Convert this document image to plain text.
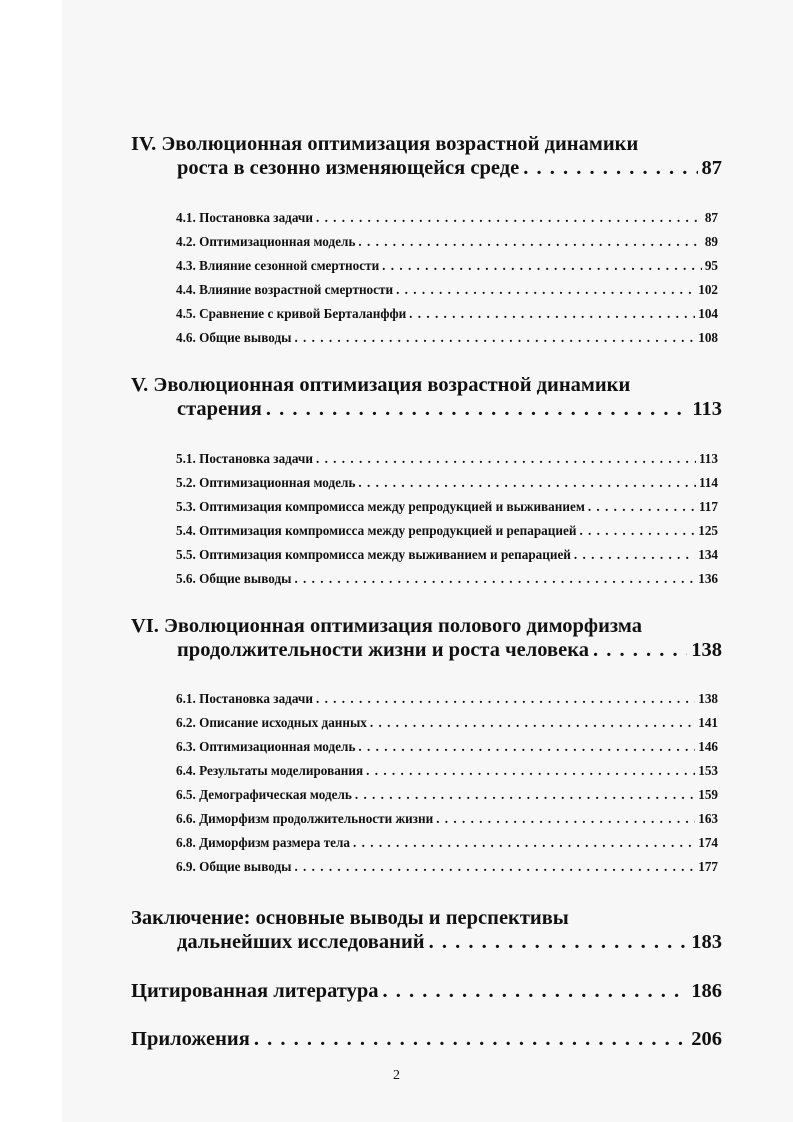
IV. Эволюционная оптимизация возрастной динамики
роста в сезонно изменяющейся среде . . .	87
4.1. Постановка задачи . . .	87
4.2. Оптимизационная модель . . .	89
4.3. Влияние сезонной смертности . . .	95
4.4. Влияние возрастной смертности . . .	102
4.5. Сравнение с кривой Берталанффи . . .	104
4.6. Общие выводы . . .	108
V. Эволюционная оптимизация возрастной динамики
старения . . .	113
5.1. Постановка задачи . . .	113
5.2. Оптимизационная модель . . .	114
5.3. Оптимизация компромисса между репродукцией и выживанием . . .	117
5.4. Оптимизация компромисса между репродукцией и репарацией . . .	125
5.5. Оптимизация компромисса между выживанием и репарацией . . .	134
5.6. Общие выводы . . .	136
VI. Эволюционная оптимизация полового диморфизма
продолжительности жизни и роста человека . . .	138
6.1. Постановка задачи . . .	138
6.2. Описание исходных данных . . .	141
6.3. Оптимизационная модель . . .	146
6.4. Результаты моделирования . . .	153
6.5. Демографическая модель . . .	159
6.6. Диморфизм продолжительности жизни . . .	163
6.8. Диморфизм размера тела . . .	174
6.9. Общие выводы . . .	177
Заключение: основные выводы и перспективы
дальнейших исследований . . .	183
Цитированная литература . . .	186
Приложения . . .	206
2
